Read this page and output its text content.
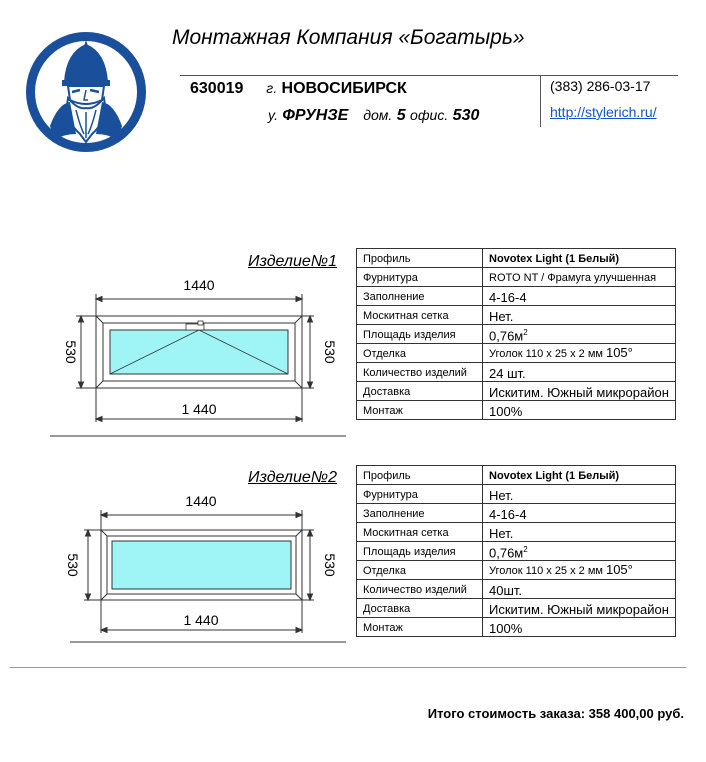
Монтажная Компания «Богатырь»
630019 г. НОВОСИБИРСК
у. ФРУНЗЕ дом. 5 офис. 530
(383) 286-03-17
http://stylerich.ru/
Изделие№1
1440
1 440
530	530
Профиль	Novotex Light (1 Белый)
Фурнитура	ROTO NT / Фрамуга улучшенная
Заполнение	4-16-4
Москитная сетка	Нет.
Площадь изделия	$0,76м^2$
Отделка	Уголок 110 х 25 х 2 мм 105°
Количество изделий	24 шт.
Доставка	Искитим. Южный микрорайон
Монтаж	100%
Изделие№2
1440
1 440
530	530
Профиль	Novotex Light (1 Белый)
Фурнитура	Нет.
Заполнение	4-16-4
Москитная сетка	Нет.
Площадь изделия	$0,76м^2$
Отделка	Уголок 110 х 25 х 2 мм 105°
Количество изделий	40шт.
Доставка	Искитим. Южный микрорайон
Монтаж	100%
Итого стоимость заказа: 358 400,00 руб.
